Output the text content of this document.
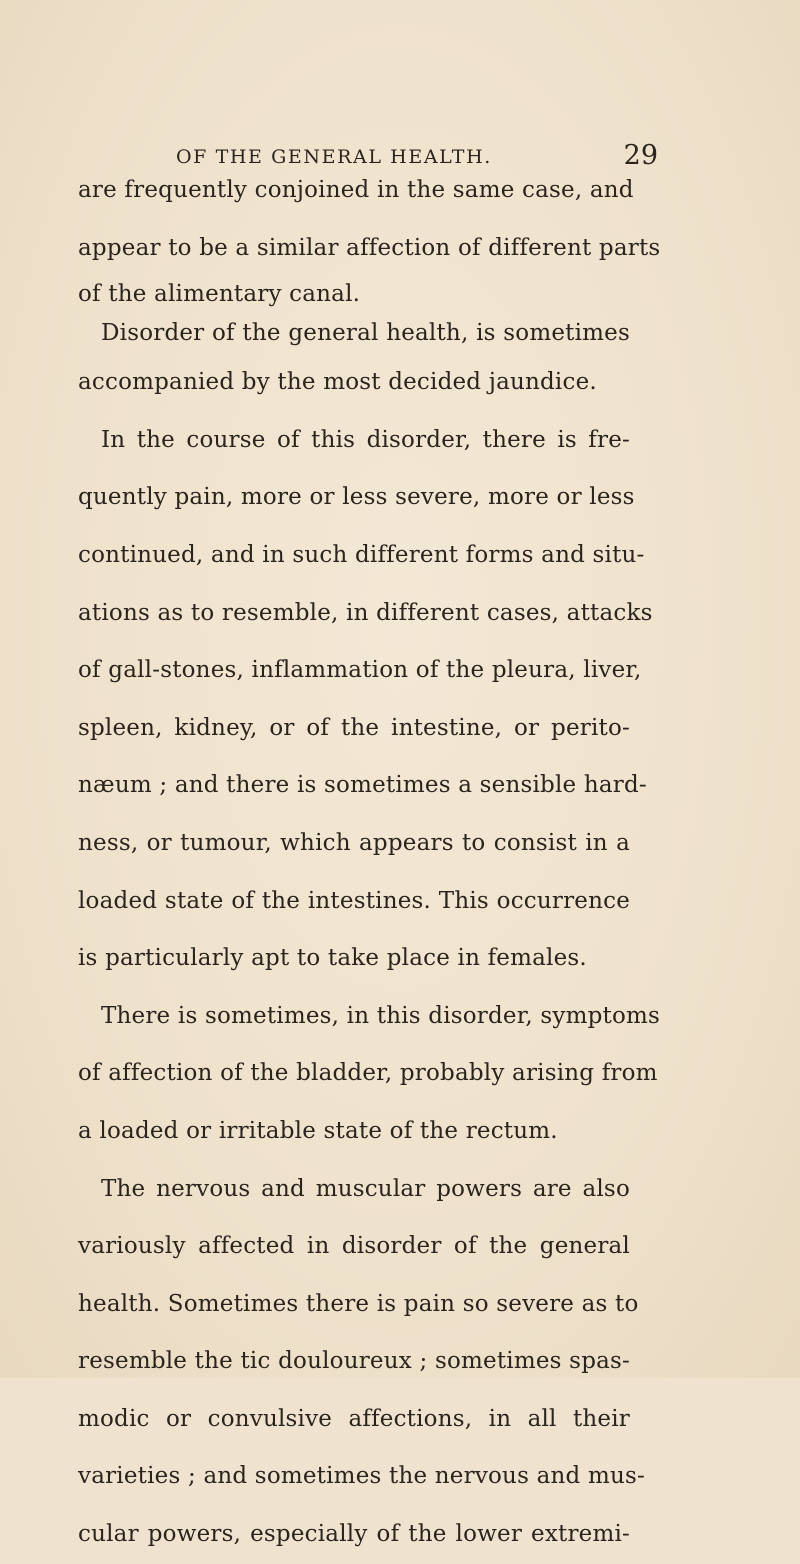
OF THE GENERAL HEALTH.	29
are frequently conjoined in the same case, and
appear to be a similar affection of different parts
of the alimentary canal.
Disorder of the general health, is sometimes
accompanied by the most decided jaundice.
In the course of this disorder, there is fre-
quently pain, more or less severe, more or less
continued, and in such different forms and situ-
ations as to resemble, in different cases, attacks
of gall-stones, inflammation of the pleura, liver,
spleen, kidney, or of the intestine, or perito-
næum ; and there is sometimes a sensible hard-
ness, or tumour, which appears to consist in a
loaded state of the intestines. This occurrence
is particularly apt to take place in females.
There is sometimes, in this disorder, symptoms
of affection of the bladder, probably arising from
a loaded or irritable state of the rectum.
The nervous and muscular powers are also
variously affected in disorder of the general
health. Sometimes there is pain so severe as to
resemble the tic douloureux ; sometimes spas-
modic or convulsive affections, in all their
varieties ; and sometimes the nervous and mus-
cular powers, especially of the lower extremi-
